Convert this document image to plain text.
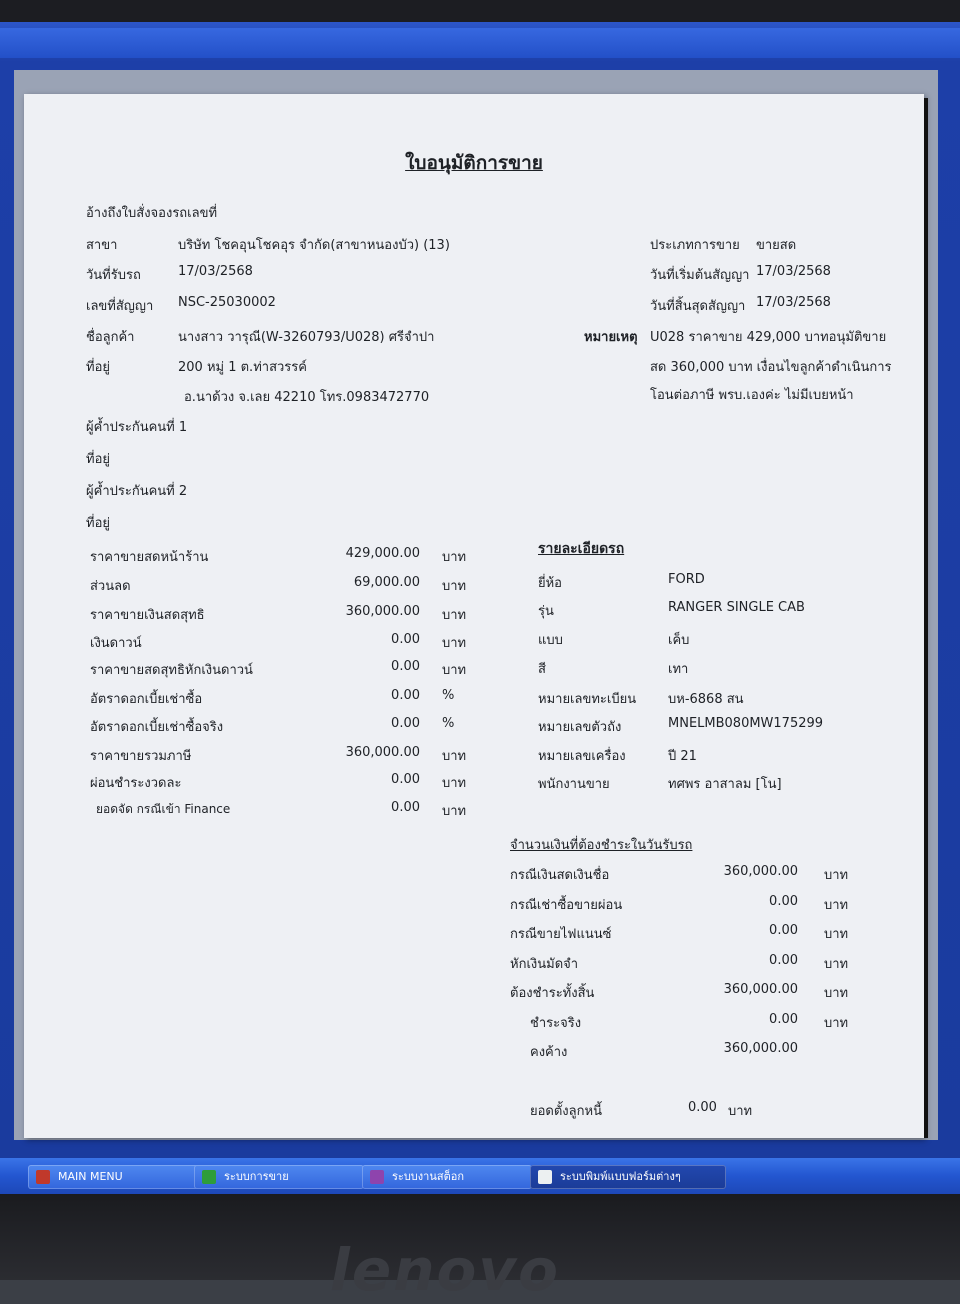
ใบอนุมัติการขาย
อ้างถึงใบสั่งจองรถเลขที่
สาขา	บริษัท โชคอุนโชคอุร จำกัด(สาขาหนองบัว) (13)
วันที่รับรถ	17/03/2568
เลขที่สัญญา NSC-25030002
ชื่อลูกค้า	นางสาว วารุณี(W-3260793/U028) ศรีจำปา
ที่อยู่	200 หมู่ 1 ต.ท่าสวรรค์
อ.นาด้วง จ.เลย 42210 โทร.0983472770
ผู้ค้ำประกันคนที่ 1
ที่อยู่
ผู้ค้ำประกันคนที่ 2
ที่อยู่
ประเภทการขาย ขายสด
วันที่เริ่มต้นสัญญา 17/03/2568
วันที่สิ้นสุดสัญญา 17/03/2568
หมายเหตุ U028 ราคาขาย 429,000 บาทอนุมัติขาย
สด 360,000 บาท เงื่อนไขลูกค้าดำเนินการ
โอนต่อภาษี พรบ.เองค่ะ ไม่มีเบยหน้า
ราคาขายสดหน้าร้าน	429,000.00 บาท
ส่วนลด	69,000.00 บาท
ราคาขายเงินสดสุทธิ	360,000.00 บาท
เงินดาวน์	0.00 บาท
ราคาขายสดสุทธิหักเงินดาวน์	0.00 บาท
อัตราดอกเบี้ยเช่าซื้อ	0.00 %
อัตราดอกเบี้ยเช่าซื้อจริง	0.00 %
ราคาขายรวมภาษี	360,000.00 บาท
ผ่อนชำระงวดละ	0.00 บาท
ยอดจัด กรณีเข้า Finance	0.00 บาท
รายละเอียดรถ
ยี่ห้อ	FORD
รุ่น	RANGER SINGLE CAB
แบบ	เค็บ
สี	เทา
หมายเลขทะเบียน บห-6868 สน
หมายเลขตัวถัง	MNELMB080MW175299
หมายเลขเครื่อง	ปี 21
พนักงานขาย	ทศพร อาสาลม [โน]
จำนวนเงินที่ต้องชำระในวันรับรถ
กรณีเงินสดเงินชื่อ	360,000.00 บาท
กรณีเช่าซื้อขายผ่อน	0.00 บาท
กรณีขายไฟแนนซ์	0.00 บาท
หักเงินมัดจำ	0.00 บาท
ต้องชำระทั้งสิ้น	360,000.00 บาท
ชำระจริง	0.00 บาท
คงค้าง	360,000.00
ยอดตั้งลูกหนี้	0.00 บาท
MAIN MENU	ระบบการขาย	ระบบงานสต็อก	ระบบพิมพ์แบบฟอร์มต่างๆ
lenovo
